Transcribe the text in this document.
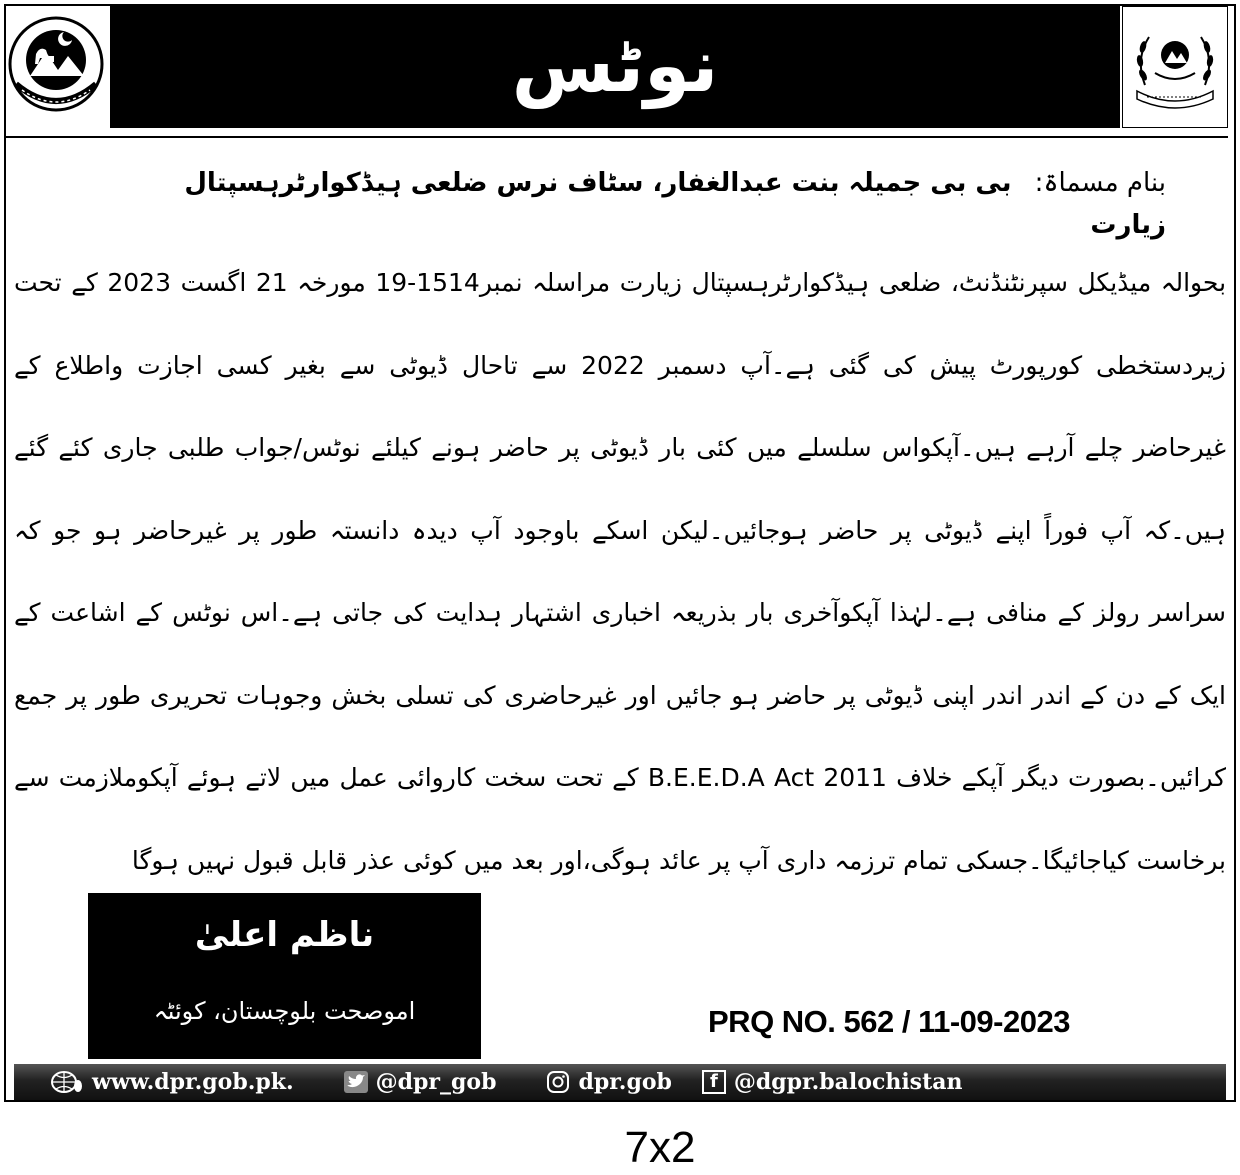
نوٹس
بنام مسماۃ: بی بی جمیلہ بنت عبدالغفار، سٹاف نرس ضلعی ہیڈکوارٹرہسپتال زیارت
بحوالہ میڈیکل سپرنٹنڈنٹ، ضلعی ہیڈکوارٹرہسپتال زیارت مراسلہ نمبر1514-19 مورخہ 21 اگست 2023 کے تحت زیردستخطی کورپورٹ پیش کی گئی ہے۔آپ دسمبر 2022 سے تاحال ڈیوٹی سے بغیر کسی اجازت واطلاع کے غیرحاضر چلے آرہے ہیں۔آپکواس سلسلے میں کئی بار ڈیوٹی پر حاضر ہونے کیلئے نوٹس/جواب طلبی جاری کئے گئے ہیں۔کہ آپ فوراً اپنے ڈیوٹی پر حاضر ہوجائیں۔لیکن اسکے باوجود آپ دیدہ دانستہ طور پر غیرحاضر ہو جو کہ سراسر رولز کے منافی ہے۔لہٰذا آپکوآخری بار بذریعہ اخباری اشتہار ہدایت کی جاتی ہے۔اس نوٹس کے اشاعت کے ایک کے دن کے اندر اندر اپنی ڈیوٹی پر حاضر ہو جائیں اور غیرحاضری کی تسلی بخش وجوہات تحریری طور پر جمع کرائیں۔بصورت دیگر آپکے خلاف B.E.E.D.A Act 2011 کے تحت سخت کاروائی عمل میں لاتے ہوئے آپکوملازمت سے برخاست کیاجائیگا۔جسکی تمام ترزمہ داری آپ پر عائد ہوگی،اور بعد میں کوئی عذر قابل قبول نہیں ہوگا
ناظم اعلیٰ
اموصحت بلوچستان، کوئٹہ	PRQ NO. 562 / 11-09-2023
www.dpr.gob.pk.	@dpr_gob	dpr.gob	f @dgpr.balochistan
7x2
